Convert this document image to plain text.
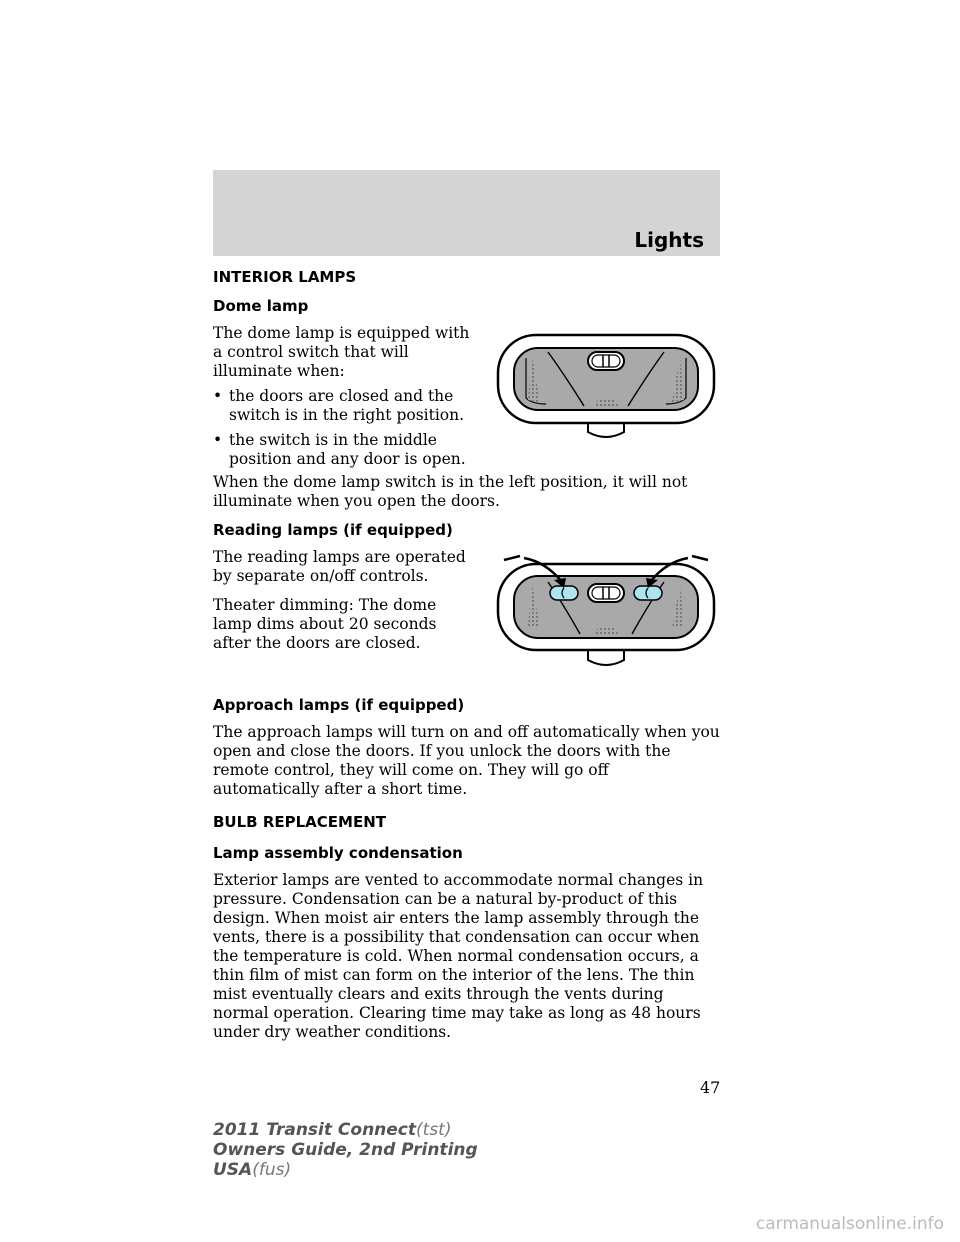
Lights
INTERIOR LAMPS
Dome lamp

The dome lamp is equipped with a control switch that will illuminate when:

• the doors are closed and the switch is in the right position.

• the switch is in the middle position and any door is open.

When the dome lamp switch is in the left position, it will not illuminate when you open the doors.

Reading lamps (if equipped)

The reading lamps are operated by separate on/off controls.

Theater dimming: The dome lamp dims about 20 seconds after the doors are closed.

Approach lamps (if equipped)

The approach lamps will turn on and off automatically when you open and close the doors. If you unlock the doors with the remote control, they will come on. They will go off automatically after a short time.

BULB REPLACEMENT
Lamp assembly condensation

Exterior lamps are vented to accommodate normal changes in pressure. Condensation can be a natural by-product of this design. When moist air enters the lamp assembly through the vents, there is a possibility that condensation can occur when the temperature is cold. When normal condensation occurs, a thin film of mist can form on the interior of the lens. The thin mist eventually clears and exits through the vents during normal operation. Clearing time may take as long as 48 hours under dry weather conditions.

47
2011 Transit Connect(tst)
Owners Guide, 2nd Printing
USA(fus)
carmanualsonline.info
